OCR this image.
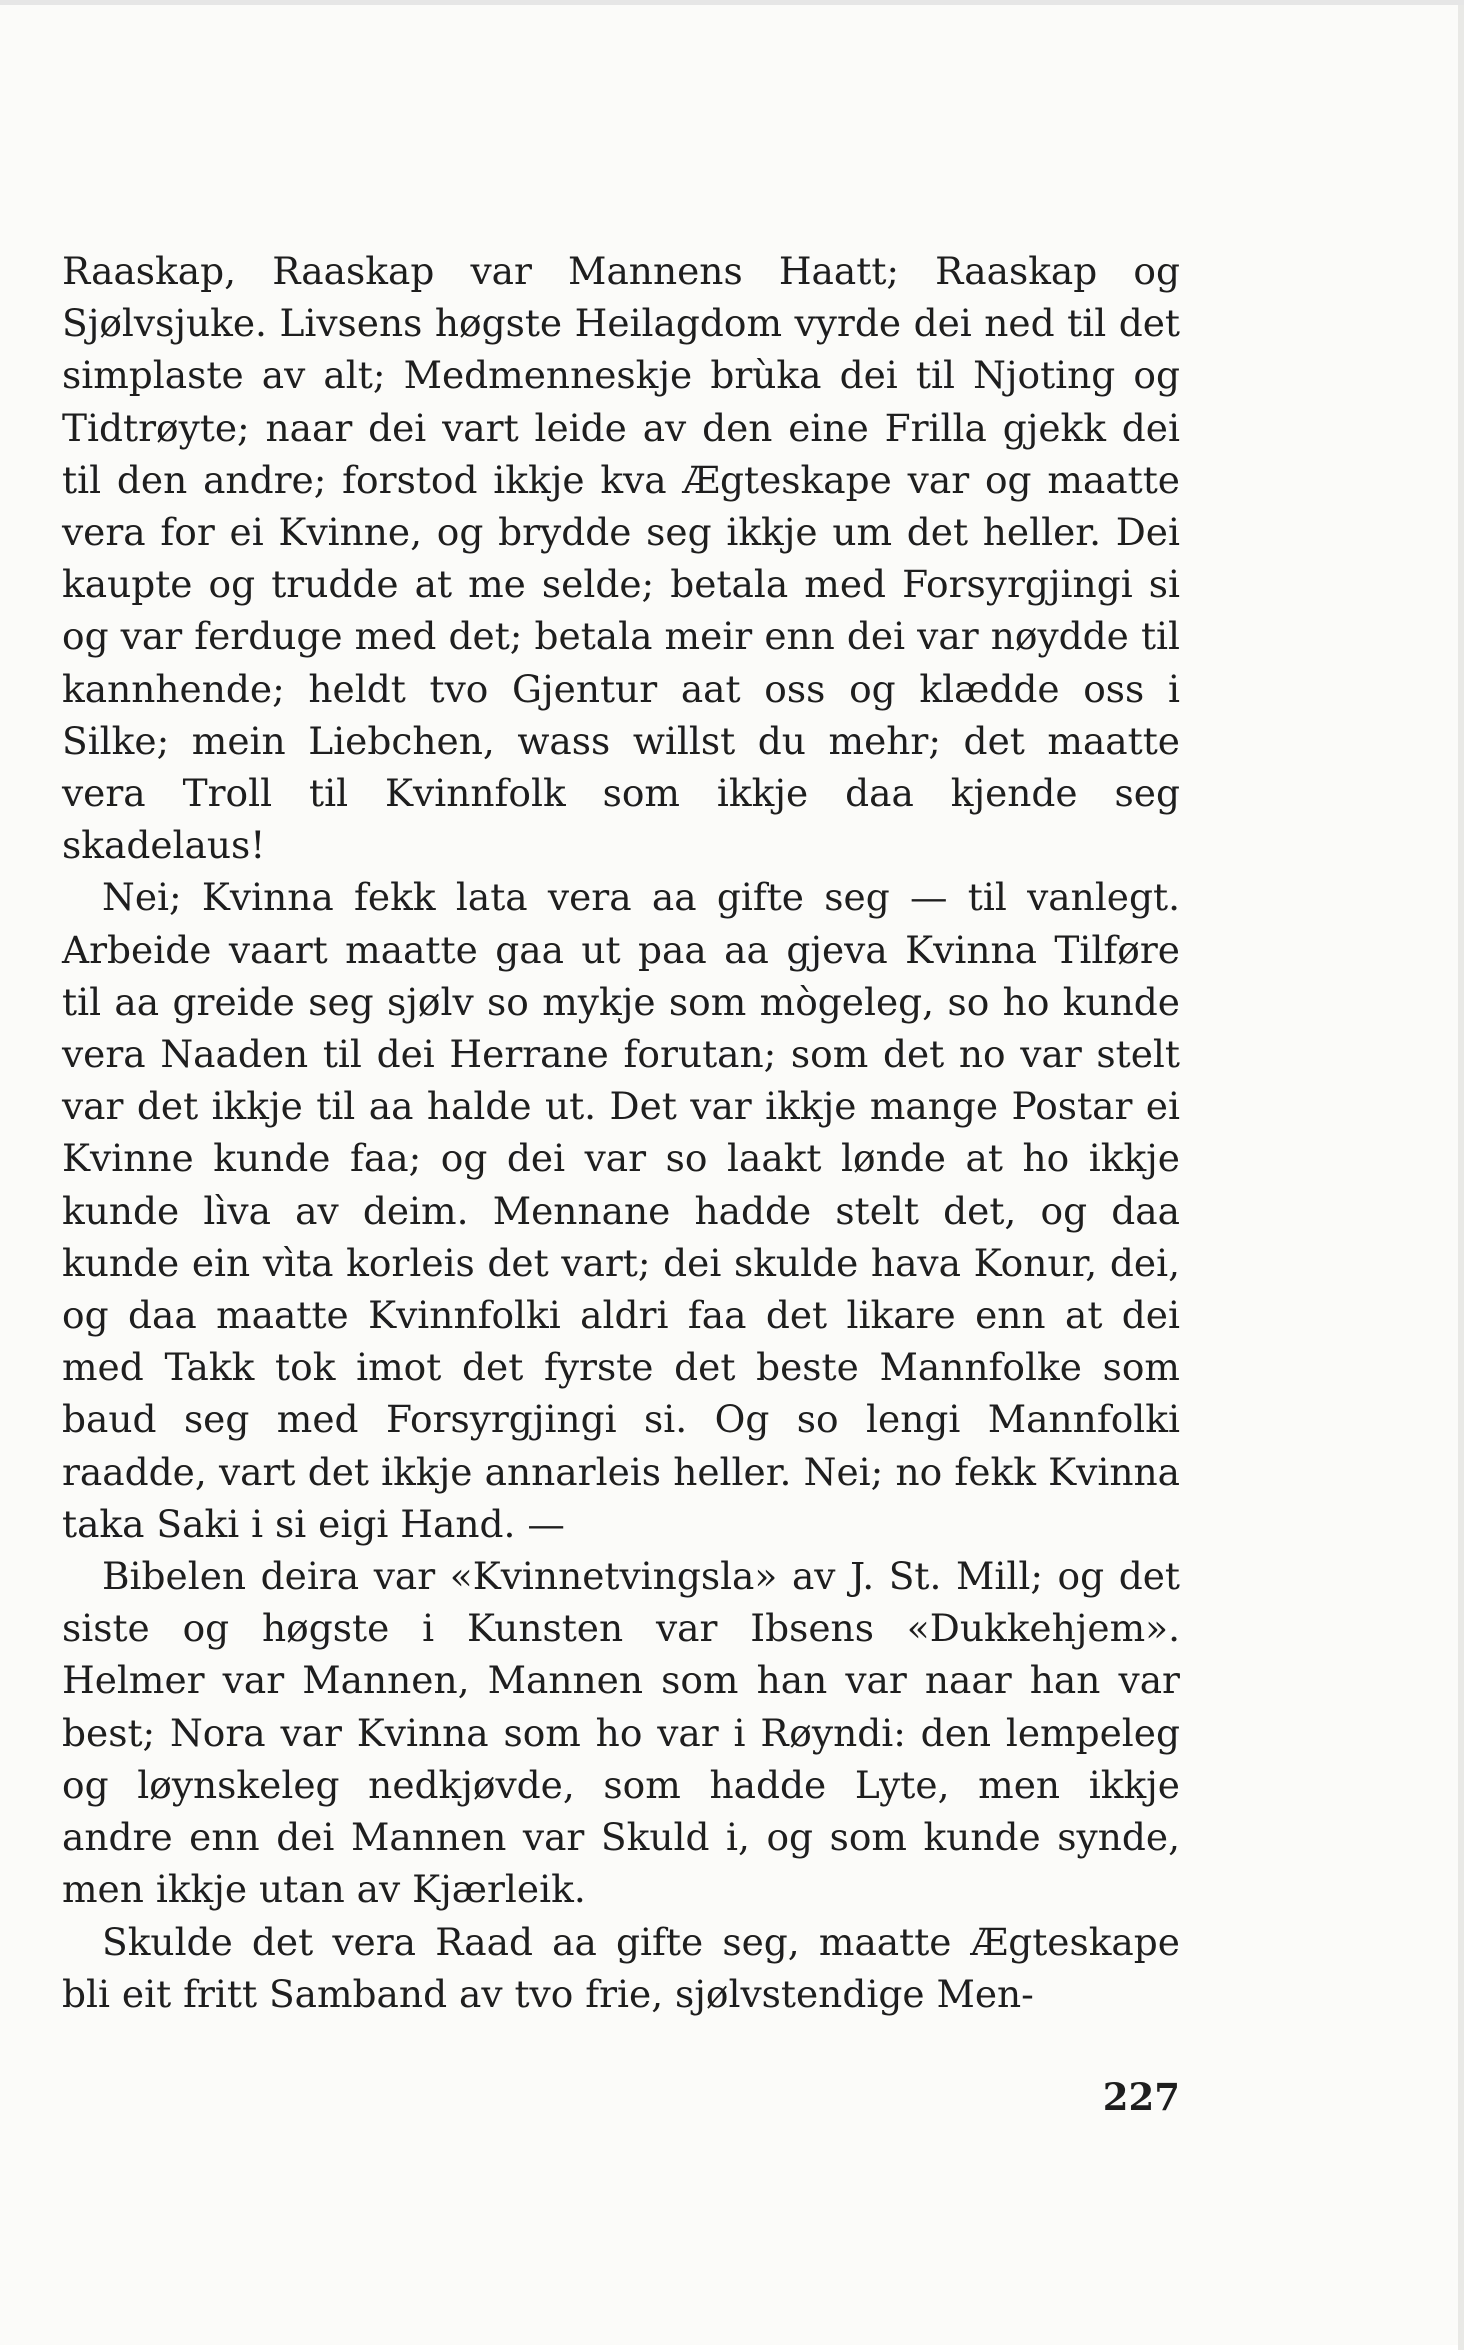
Raaskap, Raaskap var Mannens Haatt; Raaskap og Sjølvsjuke. Livsens høgste Heilagdom vyrde dei ned til det simplaste av alt; Medmenneskje brùka dei til Njoting og Tidtrøyte; naar dei vart leide av den eine Frilla gjekk dei til den andre; forstod ikkje kva Ægteskape var og maatte vera for ei Kvinne, og brydde seg ikkje um det heller. Dei kaupte og trudde at me selde; betala med Forsyrgjingi si og var ferduge med det; betala meir enn dei var nøydde til kannhende; heldt tvo Gjentur aat oss og klædde oss i Silke; mein Liebchen, wass willst du mehr; det maatte vera Troll til Kvinnfolk som ikkje daa kjende seg skadelaus!

Nei; Kvinna fekk lata vera aa gifte seg — til vanlegt. Arbeide vaart maatte gaa ut paa aa gjeva Kvinna Tilføre til aa greide seg sjølv so mykje som mògeleg, so ho kunde vera Naaden til dei Herrane forutan; som det no var stelt var det ikkje til aa halde ut. Det var ikkje mange Postar ei Kvinne kunde faa; og dei var so laakt lønde at ho ikkje kunde lìva av deim. Mennane hadde stelt det, og daa kunde ein vìta korleis det vart; dei skulde hava Konur, dei, og daa maatte Kvinnfolki aldri faa det likare enn at dei med Takk tok imot det fyrste det beste Mannfolke som baud seg med Forsyrgjingi si. Og so lengi Mannfolki raadde, vart det ikkje annarleis heller. Nei; no fekk Kvinna taka Saki i si eigi Hand. —

Bibelen deira var «Kvinnetvingsla» av J. St. Mill; og det siste og høgste i Kunsten var Ibsens «Dukkehjem». Helmer var Mannen, Mannen som han var naar han var best; Nora var Kvinna som ho var i Røyndi: den lempeleg og løynskeleg nedkjøvde, som hadde Lyte, men ikkje andre enn dei Mannen var Skuld i, og som kunde synde, men ikkje utan av Kjærleik.

Skulde det vera Raad aa gifte seg, maatte Ægteskape bli eit fritt Samband av tvo frie, sjølvstendige Men-

227
